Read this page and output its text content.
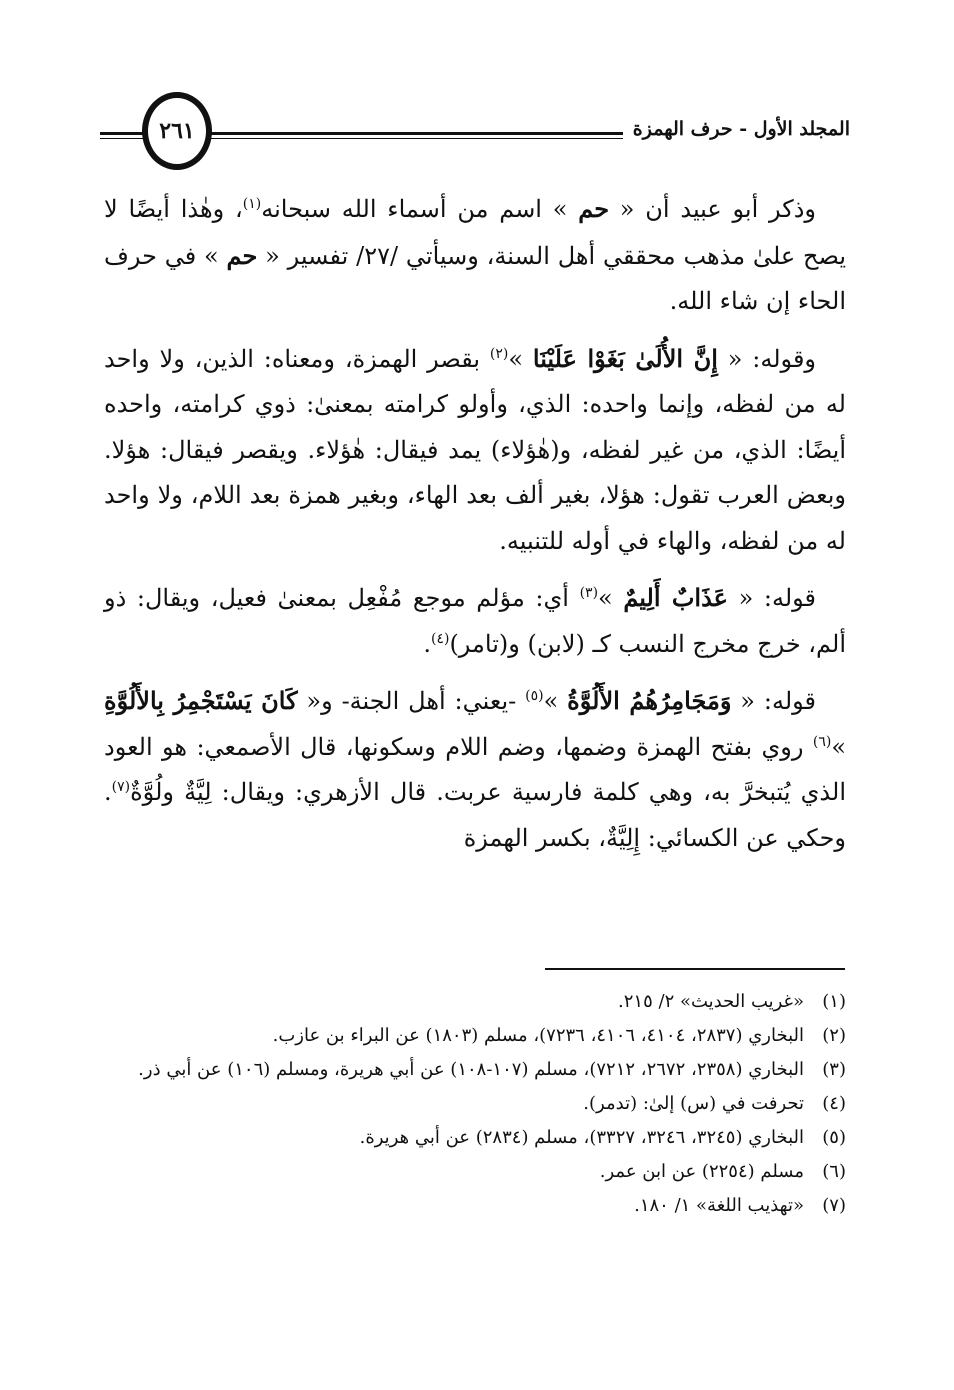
المجلد الأول - حرف الهمزة
٢٦١

وذكر أبو عبيد أن « حم » اسم من أسماء الله سبحانه$^{(١)}$، وهٰذا أيضًا لا يصح علىٰ مذهب محققي أهل السنة، وسيأتي /٢٧/ تفسير « حم » في حرف الحاء إن شاء الله.

وقوله: « إِنَّ الأُلَىٰ بَغَوْا عَلَيْنَا »$^{(٢)}$ بقصر الهمزة، ومعناه: الذين، ولا واحد له من لفظه، وإنما واحده: الذي، وأولو كرامته بمعنىٰ: ذوي كرامته، واحده أيضًا: الذي، من غير لفظه، و(هٰؤلاء) يمد فيقال: هٰؤلاء. ويقصر فيقال: هؤلا. وبعض العرب تقول: هؤلا، بغير ألف بعد الهاء، وبغير همزة بعد اللام، ولا واحد له من لفظه، والهاء في أوله للتنبيه.

قوله: « عَذَابٌ أَلِيمٌ »$^{(٣)}$ أي: مؤلم موجع مُفْعِل بمعنىٰ فعيل، ويقال: ذو ألم، خرج مخرج النسب كـ (لابن) و(تامر)$^{(٤)}$.

قوله: « وَمَجَامِرُهُمُ الأَلُوَّةُ »$^{(٥)}$ -يعني: أهل الجنة- و« كَانَ يَسْتَجْمِرُ بِالأَلُوَّةِ »$^{(٦)}$ روي بفتح الهمزة وضمها، وضم اللام وسكونها، قال الأصمعي: هو العود الذي يُتبخرَّ به، وهي كلمة فارسية عربت. قال الأزهري: ويقال: لِيَّةٌ ولُوَّةٌ$^{(٧)}$. وحكي عن الكسائي: إِلِيَّةٌ، بكسر الهمزة

(١)
«غريب الحديث» ٢/ ٢١٥.
(٢)
البخاري (٢٨٣٧، ٤١٠٤، ٤١٠٦، ٧٢٣٦)، مسلم (١٨٠٣) عن البراء بن عازب.
(٣)
البخاري (٢٣٥٨، ٢٦٧٢، ٧٢١٢)، مسلم (١٠٧-١٠٨) عن أبي هريرة، ومسلم (١٠٦) عن أبي ذر.
(٤)
تحرفت في (س) إلىٰ: (تدمر).
(٥)
البخاري (٣٢٤٥، ٣٢٤٦، ٣٣٢٧)، مسلم (٢٨٣٤) عن أبي هريرة.
(٦)
مسلم (٢٢٥٤) عن ابن عمر.
(٧)
«تهذيب اللغة» ١/ ١٨٠.
